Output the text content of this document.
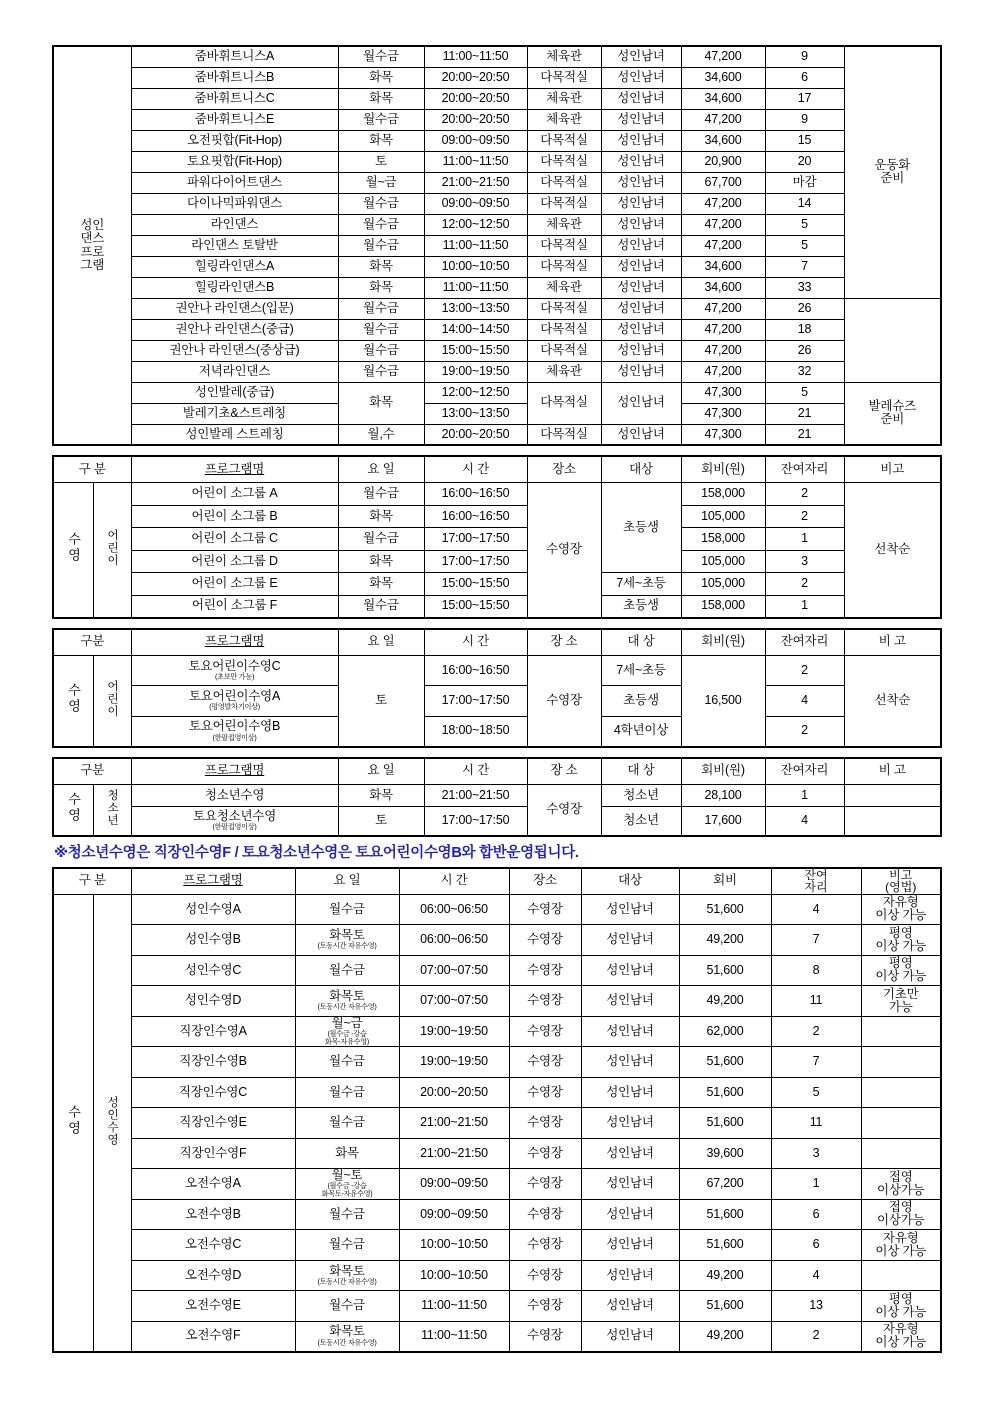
성인
댄스
프로
그램	줌바휘트니스A	월수금	11:00~11:50	체육관	성인남녀	47,200	9	운동화
준비
	줌바휘트니스B	화목	20:00~20:50	다목적실	성인남녀	34,600	6	
	줌바휘트니스C	화목	20:00~20:50	체육관	성인남녀	34,600	17	
	줌바휘트니스E	월수금	20:00~20:50	체육관	성인남녀	47,200	9	
	오전핏합(Fit-Hop)	화목	09:00~09:50	다목적실	성인남녀	34,600	15	
	토요핏합(Fit-Hop)	토	11:00~11:50	다목적실	성인남녀	20,900	20	
	파워다이어트댄스	월~금	21:00~21:50	다목적실	성인남녀	67,700	마감	
	다이나믹파워댄스	월수금	09:00~09:50	다목적실	성인남녀	47,200	14	
	라인댄스	월수금	12:00~12:50	체육관	성인남녀	47,200	5	
	라인댄스 토탈반	월수금	11:00~11:50	다목적실	성인남녀	47,200	5	
	힐링라인댄스A	화목	10:00~10:50	다목적실	성인남녀	34,600	7	
	힐링라인댄스B	화목	11:00~11:50	체육관	성인남녀	34,600	33	
	권안나 라인댄스(입문)	월수금	13:00~13:50	다목적실	성인남녀	47,200	26	
	권안나 라인댄스(중급)	월수금	14:00~14:50	다목적실	성인남녀	47,200	18	
	권안나 라인댄스(중상급)	월수금	15:00~15:50	다목적실	성인남녀	47,200	26	
	저녁라인댄스	월수금	19:00~19:50	체육관	성인남녀	47,200	32	
	성인발레(중급)	화목	12:00~12:50	다목적실	성인남녀	47,300	5	발레슈즈
준비
	발레기초&스트레칭		13:00~13:50			47,300	21	
	성인발레 스트레칭	월,수	20:00~20:50	다목적실	성인남녀	47,300	21	
구 분		프로그램명	요 일	시 간	장소	대상	회비(원)	잔여자리	비고
수영	어린이	어린이 소그룹 A	월수금	16:00~16:50	수영장	초등생	158,000	2	선착순
		어린이 소그룹 B	화목	16:00~16:50			105,000	2	
		어린이 소그룹 C	월수금	17:00~17:50			158,000	1	
		어린이 소그룹 D	화목	17:00~17:50			105,000	3	
		어린이 소그룹 E	화목	15:00~15:50		7세~초등	105,000	2	
		어린이 소그룹 F	월수금	15:00~15:50		초등생	158,000	1	
구분		프로그램명	요 일	시 간	장 소	대 상	회비(원)	잔여자리	비 고
수영	어린이	토요어린이수영C
(초보만 가능)	토	16:00~16:50	수영장	7세~초등	16,500	2	선착순
		토요어린이수영A
(평영발차기이상)		17:00~17:50		초등생		4	
		토요어린이수영B
(한팔접영이상)		18:00~18:50		4학년이상		2	
구분		프로그램명	요 일	시 간	장 소	대 상	회비(원)	잔여자리	비 고
수영	청소년	청소년수영	화목	21:00~21:50	수영장	청소년	28,100	1	
		토요청소년수영
(한팔접영이상)	토	17:00~17:50		청소년	17,600	4	
※청소년수영은 직장인수영F / 토요청소년수영은 토요어린이수영B와 합반운영됩니다.
구 분		프로그램명	요 일	시 간	장소	대상	회비	잔여
자리	비고
(영법)
수영	성인수영	성인수영A	월수금	06:00~06:50	수영장	성인남녀	51,600	4	자유형
이상 가능
		성인수영B	화목토
(토동시간 자유수영)	06:00~06:50	수영장	성인남녀	49,200	7	평영
이상 가능
		성인수영C	월수금	07:00~07:50	수영장	성인남녀	51,600	8	평영
이상 가능
		성인수영D	화목토
(토동시간 자유수영)	07:00~07:50	수영장	성인남녀	49,200	11	기초만
가능
		직장인수영A	월~금
(월수금 -강습
화목-자유수영)	19:00~19:50	수영장	성인남녀	62,000	2	
		직장인수영B	월수금	19:00~19:50	수영장	성인남녀	51,600	7	
		직장인수영C	월수금	20:00~20:50	수영장	성인남녀	51,600	5	
		직장인수영E	월수금	21:00~21:50	수영장	성인남녀	51,600	11	
		직장인수영F	화목	21:00~21:50	수영장	성인남녀	39,600	3	
		오전수영A	월~토
(월수금 -강습
화목토-자유수영)	09:00~09:50	수영장	성인남녀	67,200	1	접영
이상가능
		오전수영B	월수금	09:00~09:50	수영장	성인남녀	51,600	6	접영
이상가능
		오전수영C	월수금	10:00~10:50	수영장	성인남녀	51,600	6	자유형
이상 가능
		오전수영D	화목토
(토동시간 자유수영)	10:00~10:50	수영장	성인남녀	49,200	4	
		오전수영E	월수금	11:00~11:50	수영장	성인남녀	51,600	13	평영
이상 가능
		오전수영F	화목토
(토동시간 자유수영)	11:00~11:50	수영장	성인남녀	49,200	2	자유형
이상 가능
